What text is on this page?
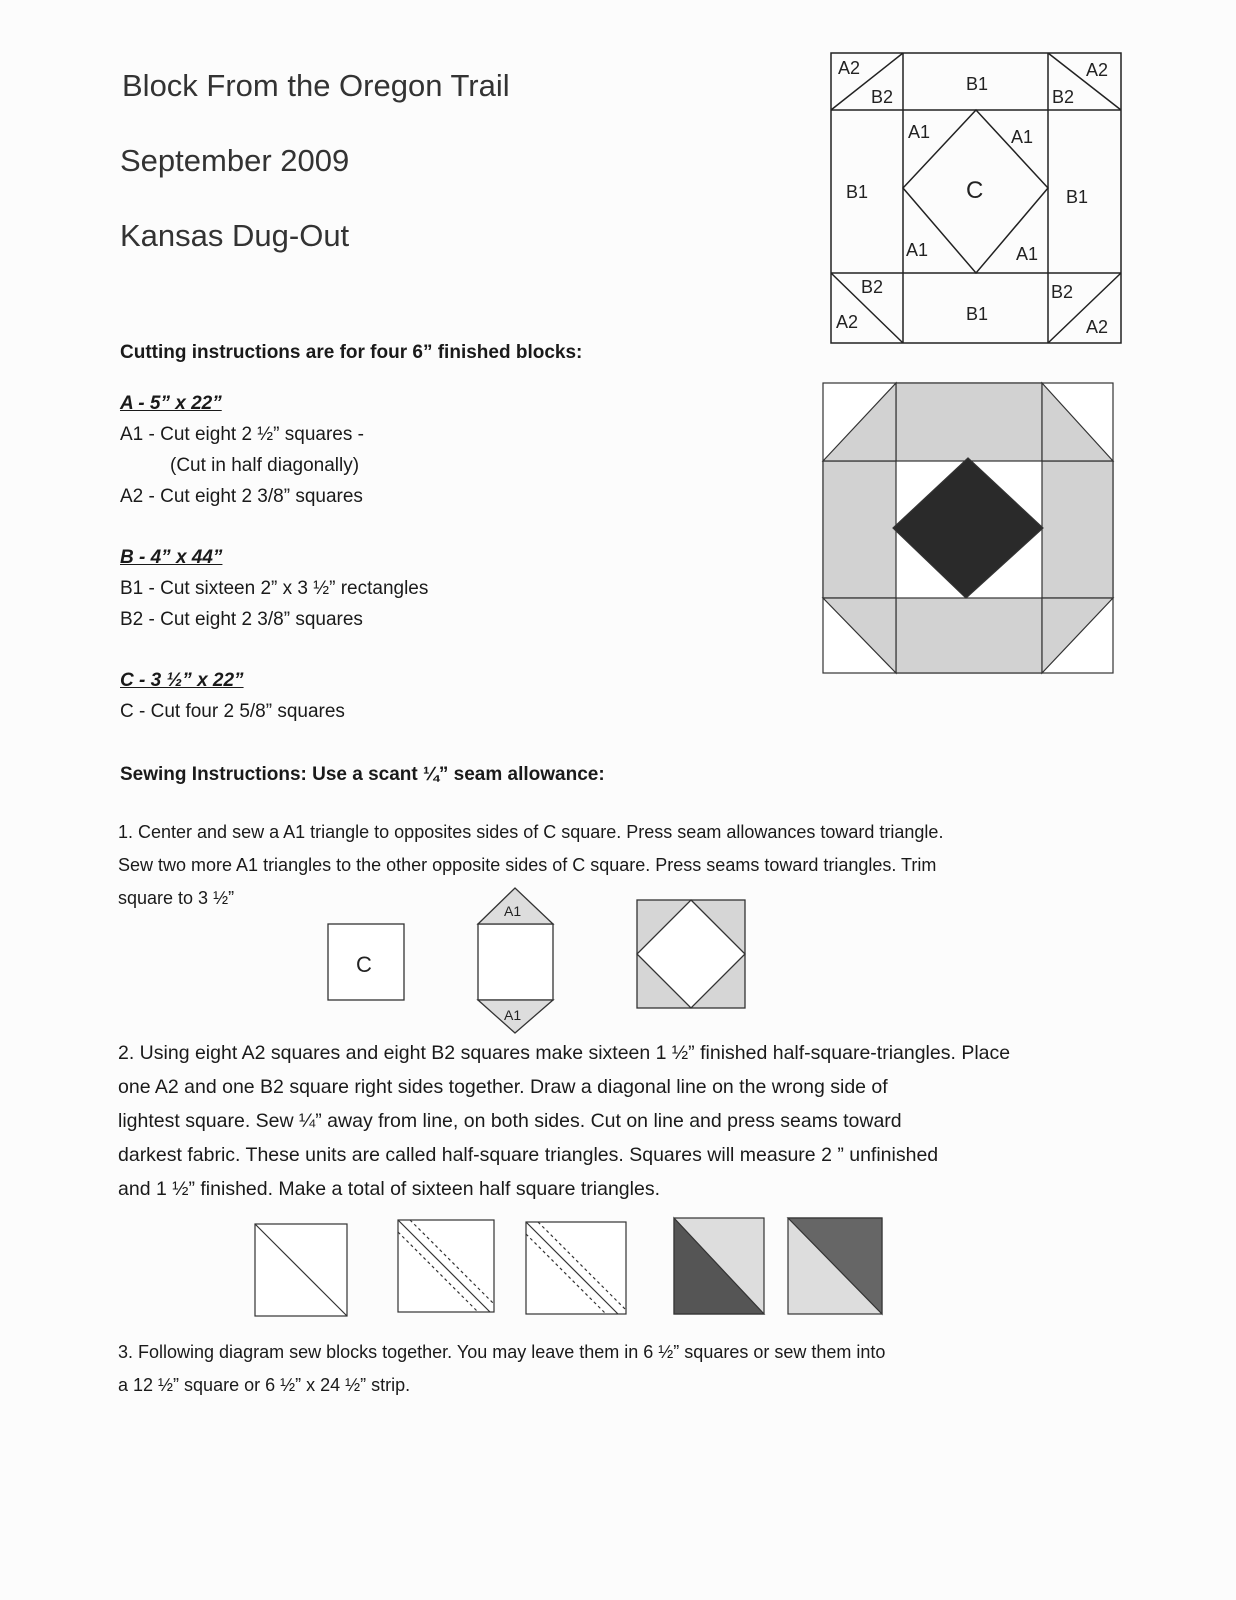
Block From the Oregon Trail
September 2009
Kansas Dug-Out
Cutting instructions are for four 6” finished blocks:
A - 5” x 22”
A1 - Cut eight 2 ½” squares -
(Cut in half diagonally)
A2 - Cut eight 2 3/8” squares
B - 4” x 44”
B1 - Cut sixteen 2” x 3 ½” rectangles
B2 - Cut eight 2 3/8” squares
C - 3 ½” x 22”
C - Cut four 2 5/8” squares
Sewing Instructions: Use a scant ¼” seam allowance:
1. Center and sew a A1 triangle to opposites sides of C square. Press seam allowances toward triangle.
Sew two more A1 triangles to the other opposite sides of C square. Press seams toward triangles. Trim
square to 3 ½”
2. Using eight A2 squares and eight B2 squares make sixteen 1 ½” finished half-square-triangles. Place
one A2 and one B2 square right sides together. Draw a diagonal line on the wrong side of
lightest square. Sew ¼” away from line, on both sides. Cut on line and press seams toward
darkest fabric. These units are called half-square triangles. Squares will measure 2 ” unfinished
and 1 ½” finished. Make a total of sixteen half square triangles.
3. Following diagram sew blocks together. You may leave them in 6 ½” squares or sew them into
a 12 ½” square or 6 ½” x 24 ½” strip.
A2
B2
B1
A2
B2
A1	A1
B1	C	B1
A1	A1
B2
A2	B1
B2
A2
C
A1
A1
